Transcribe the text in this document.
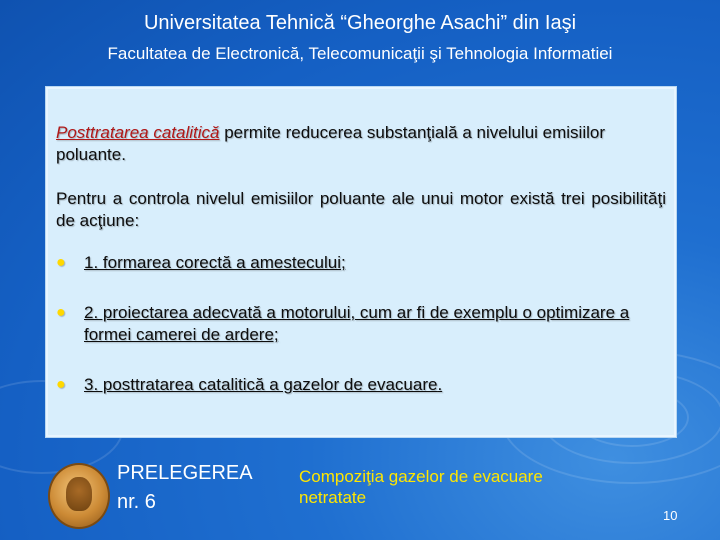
Universitatea Tehnică “Gheorghe Asachi” din Iaşi
Facultatea de Electronică, Telecomunicaţii şi Tehnologia Informatiei

Posttratarea catalitică permite reducerea substanţială a nivelului emisiilor poluante.

Pentru a controla nivelul emisiilor poluante ale unui motor există trei posibilităţi de acţiune:

● 1. formarea corectă a amestecului;
● 2. proiectarea adecvată a motorului, cum ar fi de exemplu o optimizare a formei camerei de ardere;
● 3. posttratarea catalitică a gazelor de evacuare.
PRELEGEREA
nr. 6
Compoziţia gazelor de evacuare
netratate
10
